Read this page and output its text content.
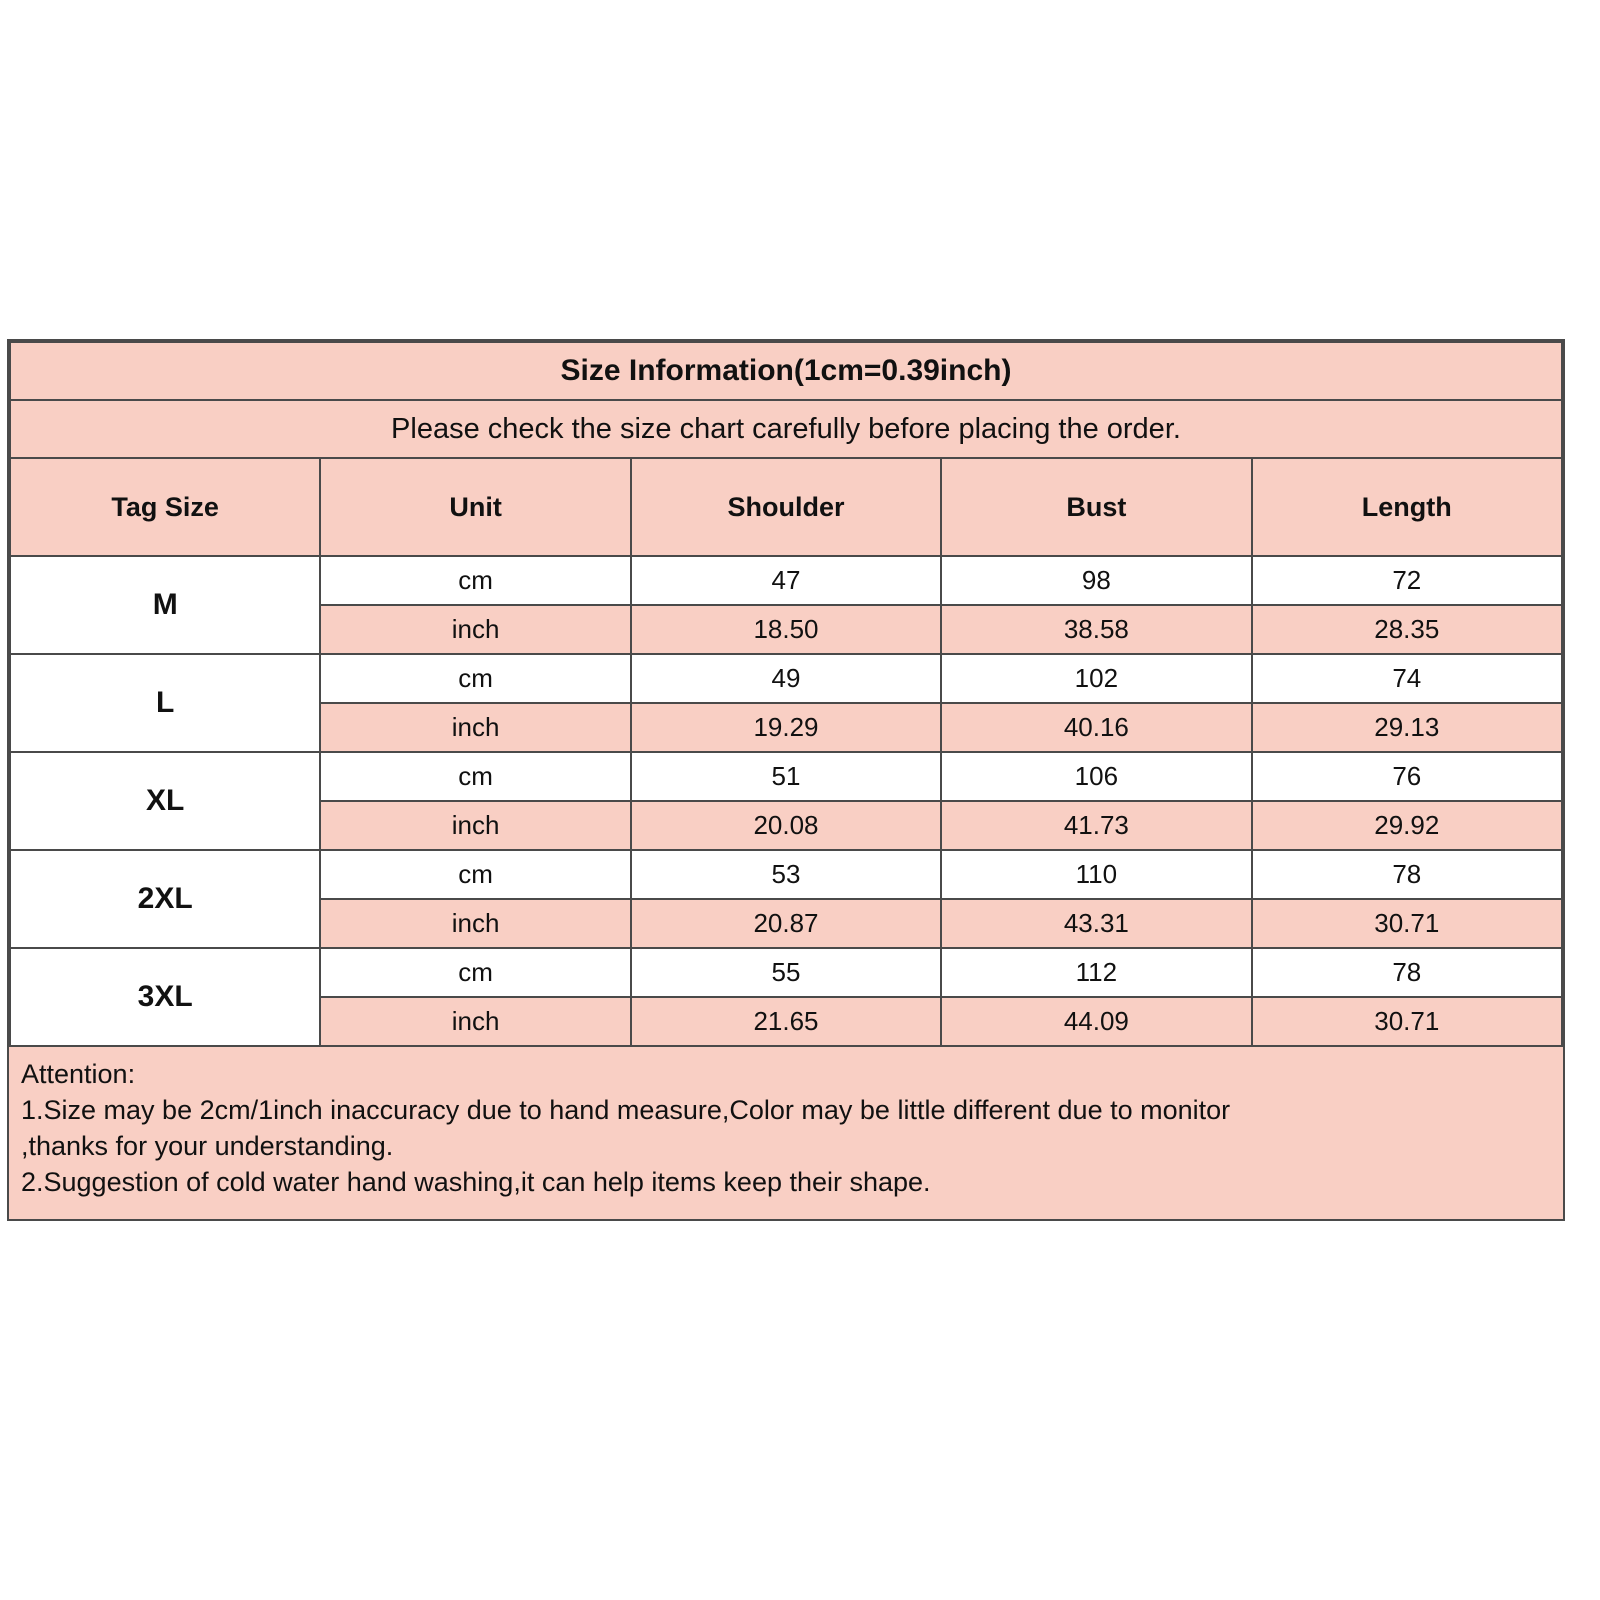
Size Information(1cm=0.39inch)				
Please check the size chart carefully before placing the order.				
Tag Size	Unit	Shoulder	Bust	Length
M	cm	47	98	72
	inch	18.50	38.58	28.35
L	cm	49	102	74
	inch	19.29	40.16	29.13
XL	cm	51	106	76
	inch	20.08	41.73	29.92
2XL	cm	53	110	78
	inch	20.87	43.31	30.71
3XL	cm	55	112	78
	inch	21.65	44.09	30.71
Attention:
1.Size may be 2cm/1inch inaccuracy due to hand measure,Color may be little different due to monitor
,thanks for your understanding.
2.Suggestion of cold water hand washing,it can help items keep their shape.
